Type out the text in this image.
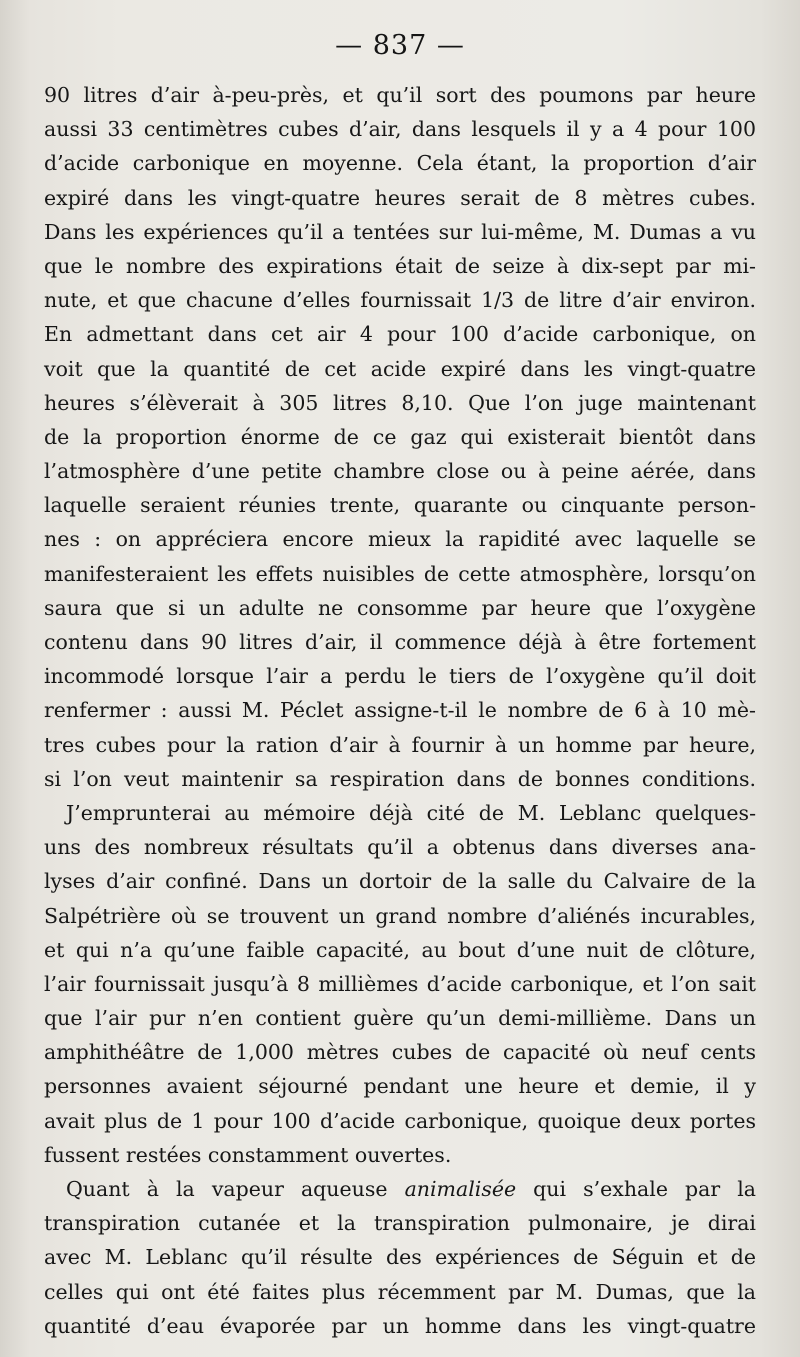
— 837 —
90 litres d’air à-peu-près, et qu’il sort des poumons par heure
aussi 33 centimètres cubes d’air, dans lesquels il y a 4 pour 100
d’acide carbonique en moyenne. Cela étant, la proportion d’air
expiré dans les vingt-quatre heures serait de 8 mètres cubes.
Dans les expériences qu’il a tentées sur lui-même, M. Dumas a vu
que le nombre des expirations était de seize à dix-sept par mi-
nute, et que chacune d’elles fournissait 1/3 de litre d’air environ.
En admettant dans cet air 4 pour 100 d’acide carbonique, on
voit que la quantité de cet acide expiré dans les vingt-quatre
heures s’élèverait à 305 litres 8,10. Que l’on juge maintenant
de la proportion énorme de ce gaz qui existerait bientôt dans
l’atmosphère d’une petite chambre close ou à peine aérée, dans
laquelle seraient réunies trente, quarante ou cinquante person-
nes : on appréciera encore mieux la rapidité avec laquelle se
manifesteraient les effets nuisibles de cette atmosphère, lorsqu’on
saura que si un adulte ne consomme par heure que l’oxygène
contenu dans 90 litres d’air, il commence déjà à être fortement
incommodé lorsque l’air a perdu le tiers de l’oxygène qu’il doit
renfermer : aussi M. Péclet assigne-t-il le nombre de 6 à 10 mè-
tres cubes pour la ration d’air à fournir à un homme par heure,
si l’on veut maintenir sa respiration dans de bonnes conditions.
J’emprunterai au mémoire déjà cité de M. Leblanc quelques-
uns des nombreux résultats qu’il a obtenus dans diverses ana-
lyses d’air confiné. Dans un dortoir de la salle du Calvaire de la
Salpétrière où se trouvent un grand nombre d’aliénés incurables,
et qui n’a qu’une faible capacité, au bout d’une nuit de clôture,
l’air fournissait jusqu’à 8 millièmes d’acide carbonique, et l’on sait
que l’air pur n’en contient guère qu’un demi-millième. Dans un
amphithéâtre de 1,000 mètres cubes de capacité où neuf cents
personnes avaient séjourné pendant une heure et demie, il y
avait plus de 1 pour 100 d’acide carbonique, quoique deux portes
fussent restées constamment ouvertes.
Quant à la vapeur aqueuse animalisée qui s’exhale par la
transpiration cutanée et la transpiration pulmonaire, je dirai
avec M. Leblanc qu’il résulte des expériences de Séguin et de
celles qui ont été faites plus récemment par M. Dumas, que la
quantité d’eau évaporée par un homme dans les vingt-quatre
